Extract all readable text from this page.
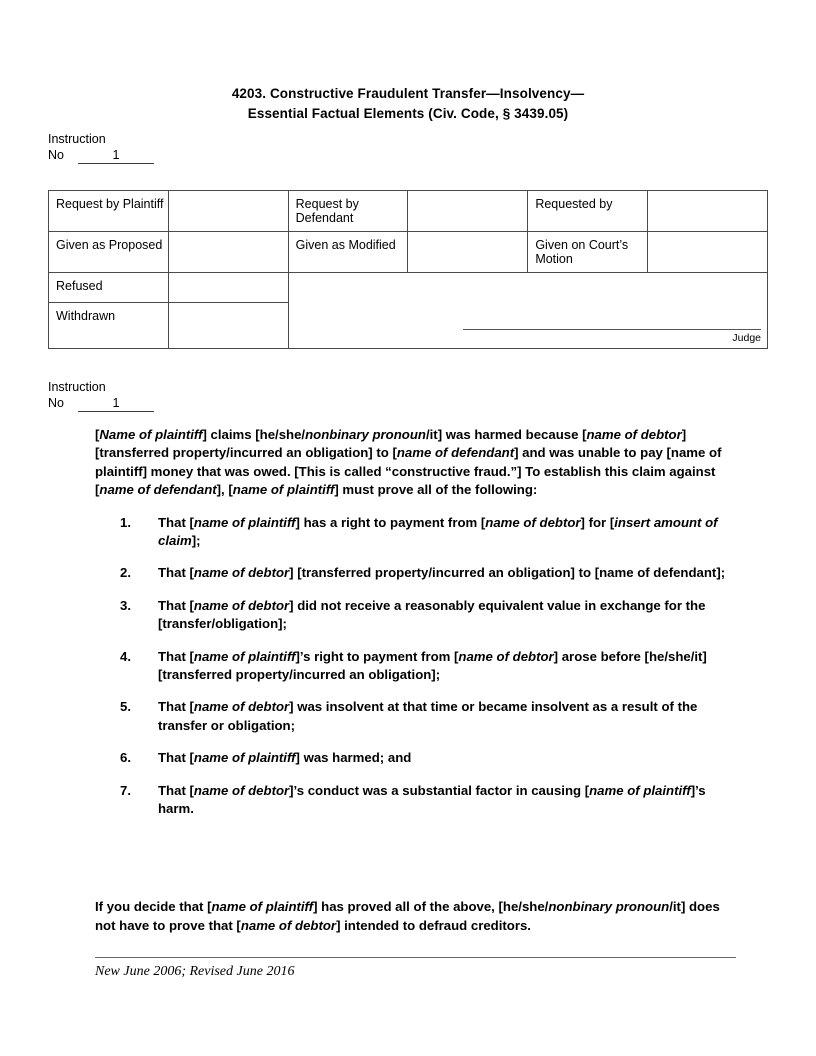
4203. Constructive Fraudulent Transfer—Insolvency—
Essential Factual Elements (Civ. Code, § 3439.05)
Instruction
No	1
Request by Plaintiff		Request by Defendant		Requested by	
Given as Proposed		Given as Modified		Given on Court’s Motion	
Refused		Judge			

Withdrawn					
Instruction
No	1

[Name of plaintiff] claims [he/she/nonbinary pronoun/it] was harmed because [name of debtor] [transferred property/incurred an obligation] to [name of defendant] and was unable to pay [name of plaintiff] money that was owed. [This is called “constructive fraud.”] To establish this claim against [name of defendant], [name of plaintiff] must prove all of the following:

1. That [name of plaintiff] has a right to payment from [name of debtor] for [insert amount of claim];
2. That [name of debtor] [transferred property/incurred an obligation] to [name of defendant];
3. That [name of debtor] did not receive a reasonably equivalent value in exchange for the [transfer/obligation];
4. That [name of plaintiff]’s right to payment from [name of debtor] arose before [he/she/it] [transferred property/incurred an obligation];
5. That [name of debtor] was insolvent at that time or became insolvent as a result of the transfer or obligation;
6. That [name of plaintiff] was harmed; and
7. That [name of debtor]’s conduct was a substantial factor in causing [name of plaintiff]’s harm.

If you decide that [name of plaintiff] has proved all of the above, [he/she/nonbinary pronoun/it] does not have to prove that [name of debtor] intended to defraud creditors.

New June 2006; Revised June 2016
